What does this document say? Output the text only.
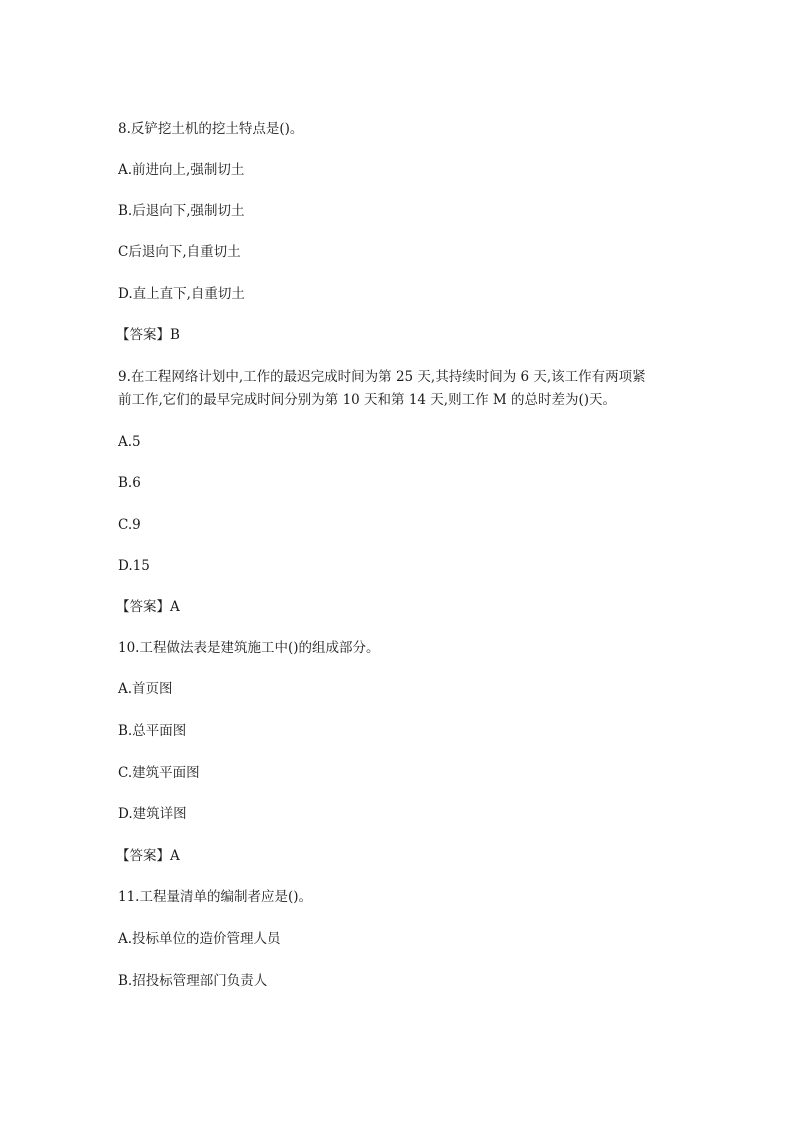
8.反铲挖土机的挖土特点是()。
A.前进向上,强制切土
B.后退向下,强制切土
C后退向下,自重切土
D.直上直下,自重切土
【答案】B
9.在工程网络计划中,工作的最迟完成时间为第 25 天,其持续时间为 6 天,该工作有两项紧
前工作,它们的最早完成时间分别为第 10 天和第 14 天,则工作 M 的总时差为()天。
A.5
B.6
C.9
D.15
【答案】A
10.工程做法表是建筑施工中()的组成部分。
A.首页图
B.总平面图
C.建筑平面图
D.建筑详图
【答案】A
11.工程量清单的编制者应是()。
A.投标单位的造价管理人员
B.招投标管理部门负责人
